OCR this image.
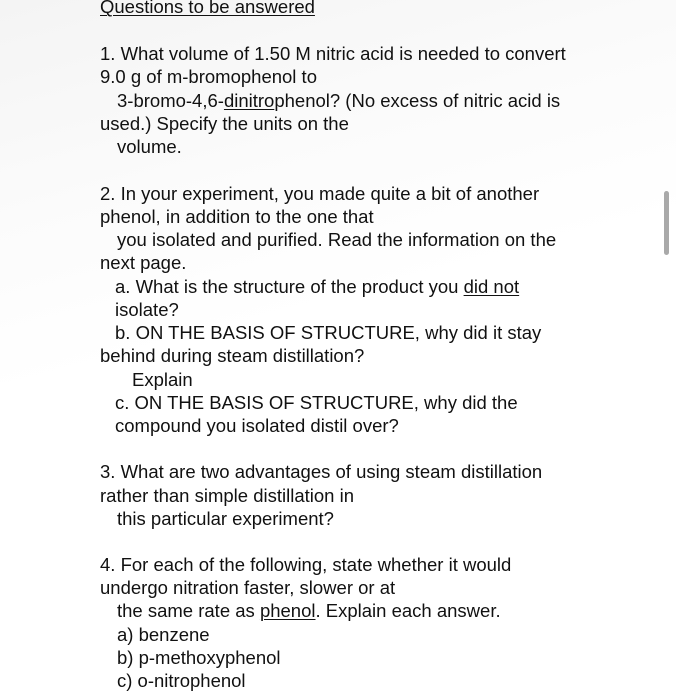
Questions to be answered
1. What volume of 1.50 M nitric acid is needed to convert
9.0 g of m-bromophenol to
3-bromo-4,6-dinitrophenol? (No excess of nitric acid is
used.) Specify the units on the
volume.
2. In your experiment, you made quite a bit of another
phenol, in addition to the one that
you isolated and purified. Read the information on the
next page.
a. What is the structure of the product you did not
isolate?
b. ON THE BASIS OF STRUCTURE, why did it stay
behind during steam distillation?
Explain
c. ON THE BASIS OF STRUCTURE, why did the
compound you isolated distil over?
3. What are two advantages of using steam distillation
rather than simple distillation in
this particular experiment?
4. For each of the following, state whether it would
undergo nitration faster, slower or at
the same rate as phenol. Explain each answer.
a) benzene
b) p-methoxyphenol
c) o-nitrophenol
